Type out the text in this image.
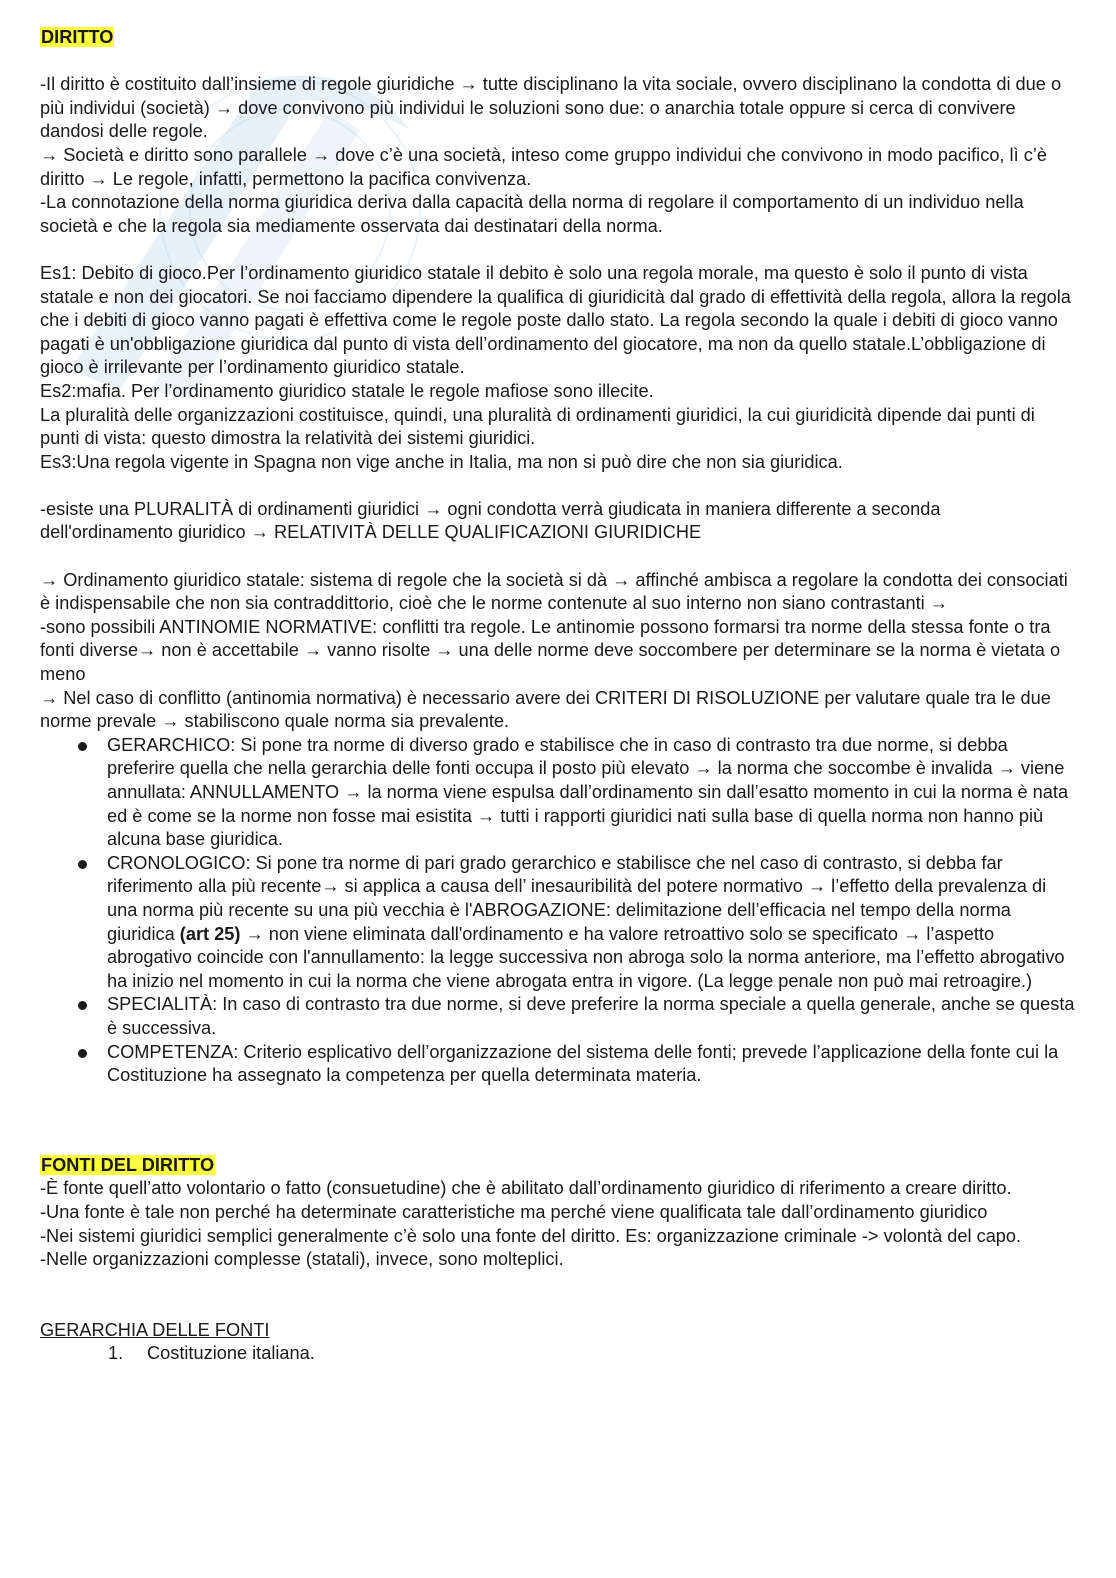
DIRITTO

-Il diritto è costituito dall’insieme di regole giuridiche → tutte disciplinano la vita sociale, ovvero disciplinano la condotta di due o più individui (società) → dove convivono più individui le soluzioni sono due: o anarchia totale oppure si cerca di convivere dandosi delle regole.

→ Società e diritto sono parallele → dove c’è una società, inteso come gruppo individui che convivono in modo pacifico, lì c’è diritto → Le regole, infatti, permettono la pacifica convivenza.

-La connotazione della norma giuridica deriva dalla capacità della norma di regolare il comportamento di un individuo nella società e che la regola sia mediamente osservata dai destinatari della norma.

Es1: Debito di gioco.Per l’ordinamento giuridico statale il debito è solo una regola morale, ma questo è solo il punto di vista statale e non dei giocatori. Se noi facciamo dipendere la qualifica di giuridicità dal grado di effettività della regola, allora la regola che i debiti di gioco vanno pagati è effettiva come le regole poste dallo stato. La regola secondo la quale i debiti di gioco vanno pagati è un'obbligazione giuridica dal punto di vista dell’ordinamento del giocatore, ma non da quello statale.L’obbligazione di gioco è irrilevante per l’ordinamento giuridico statale.

Es2:mafia. Per l’ordinamento giuridico statale le regole mafiose sono illecite.

La pluralità delle organizzazioni costituisce, quindi, una pluralità di ordinamenti giuridici, la cui giuridicità dipende dai punti di punti di vista: questo dimostra la relatività dei sistemi giuridici.

Es3:Una regola vigente in Spagna non vige anche in Italia, ma non si può dire che non sia giuridica.

-esiste una PLURALITÀ di ordinamenti giuridici → ogni condotta verrà giudicata in maniera differente a seconda dell'ordinamento giuridico → RELATIVITÀ DELLE QUALIFICAZIONI GIURIDICHE

→ Ordinamento giuridico statale: sistema di regole che la società si dà → affinché ambisca a regolare la condotta dei consociati è indispensabile che non sia contraddittorio, cioè che le norme contenute al suo interno non siano contrastanti →

-sono possibili ANTINOMIE NORMATIVE: conflitti tra regole. Le antinomie possono formarsi tra norme della stessa fonte o tra fonti diverse→ non è accettabile → vanno risolte → una delle norme deve soccombere per determinare se la norma è vietata o meno

→ Nel caso di conflitto (antinomia normativa) è necessario avere dei CRITERI DI RISOLUZIONE per valutare quale tra le due norme prevale → stabiliscono quale norma sia prevalente.

GERARCHICO: Si pone tra norme di diverso grado e stabilisce che in caso di contrasto tra due norme, si debba preferire quella che nella gerarchia delle fonti occupa il posto più elevato → la norma che soccombe è invalida → viene annullata: ANNULLAMENTO → la norma viene espulsa dall’ordinamento sin dall’esatto momento in cui la norma è nata ed è come se la norme non fosse mai esistita → tutti i rapporti giuridici nati sulla base di quella norma non hanno più alcuna base giuridica.
CRONOLOGICO: Si pone tra norme di pari grado gerarchico e stabilisce che nel caso di contrasto, si debba far riferimento alla più recente→ si applica a causa dell’ inesauribilità del potere normativo → l’effetto della prevalenza di una norma più recente su una più vecchia è l'ABROGAZIONE: delimitazione dell’efficacia nel tempo della norma giuridica (art 25) → non viene eliminata dall'ordinamento e ha valore retroattivo solo se specificato → l’aspetto abrogativo coincide con l'annullamento: la legge successiva non abroga solo la norma anteriore, ma l’effetto abrogativo ha inizio nel momento in cui la norma che viene abrogata entra in vigore. (La legge penale non può mai retroagire.)
SPECIALITÀ: In caso di contrasto tra due norme, si deve preferire la norma speciale a quella generale, anche se questa è successiva.
COMPETENZA: Criterio esplicativo dell’organizzazione del sistema delle fonti; prevede l’applicazione della fonte cui la Costituzione ha assegnato la competenza per quella determinata materia.

FONTI DEL DIRITTO

-È fonte quell’atto volontario o fatto (consuetudine) che è abilitato dall’ordinamento giuridico di riferimento a creare diritto.

-Una fonte è tale non perché ha determinate caratteristiche ma perché viene qualificata tale dall’ordinamento giuridico

-Nei sistemi giuridici semplici generalmente c’è solo una fonte del diritto. Es: organizzazione criminale -> volontà del capo.

-Nelle organizzazioni complesse (statali), invece, sono molteplici.

GERARCHIA DELLE FONTI

1. Costituzione italiana.
